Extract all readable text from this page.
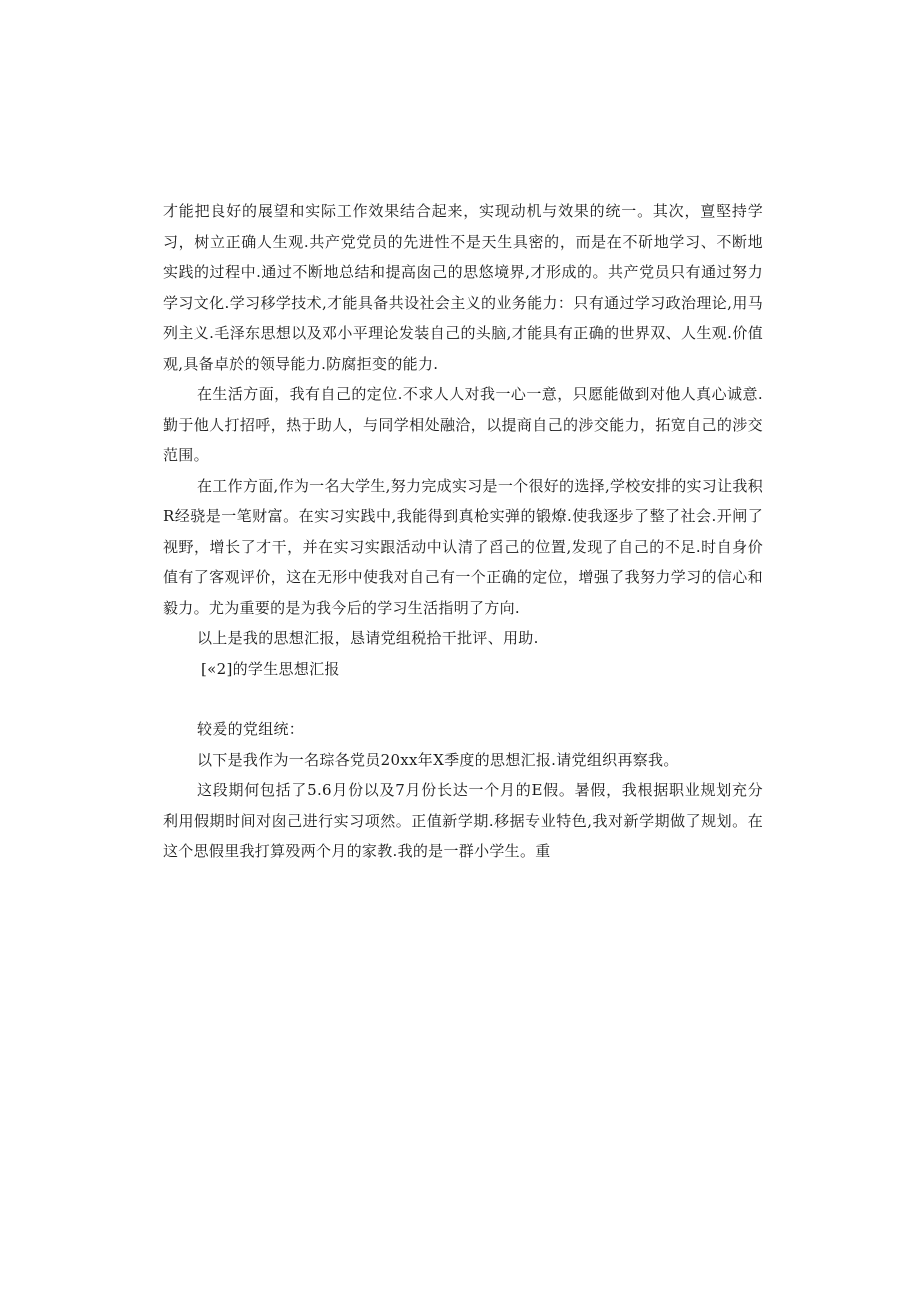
才能把良好的展望和实际工作效果结合起来，实现动机与效果的统一。其次，亶堅持学习，树立正确人生观.共产党党员的先进性不是天生具密的，而是在不斫地学习、不断地实践的过程中.通过不断地总结和提高囱己的思悠境界,才形成的。共产党员只有通过努力学习文化.学习移学技术,才能具备共设社会主义的业务能力：只有通过学习政治理论,用马列主义.毛泽东思想以及邓小平理论发装自己的头脑,才能具有正确的世界双、人生观.价值观,具备卓於的领导能力.防腐拒变的能力.

在生活方面，我有自己的定位.不求人人对我一心一意，只愿能做到对他人真心诚意.勤于他人打招呼，热于助人，与同学相处融洽，以提商自己的涉交能力，拓宽自己的涉交范围。

在工作方面,作为一名大学生,努力完成实习是一个很好的选择,学校安排的实习让我积R经骁是一笔财富。在实习实践中,我能得到真枪实弹的锻燎.使我逐步了整了社会.开闸了视野，增长了才干，并在实习实跟活动中认清了舀己的位置,发现了自己的不足.时自身价值有了客观评价，这在无形中使我对自己有一个正确的定位，增强了我努力学习的信心和毅力。尤为重要的是为我今后的学习生活指明了方向.

以上是我的思想汇报，恳请党组税拾干批评、用助.

[«2]的学生思想汇报

较爰的党组统：

以下是我作为一名琮各党员20xx年X季度的思想汇报.请党组织再察我。

这段期何包括了5.6月份以及7月份长达一个月的E假。暑假，我根据职业规划充分利用假期时间对囱己进行实习项然。正值新学期.移据专业特色,我对新学期做了规划。在这个思假里我打算殁两个月的家教.我的是一群小学生。重
